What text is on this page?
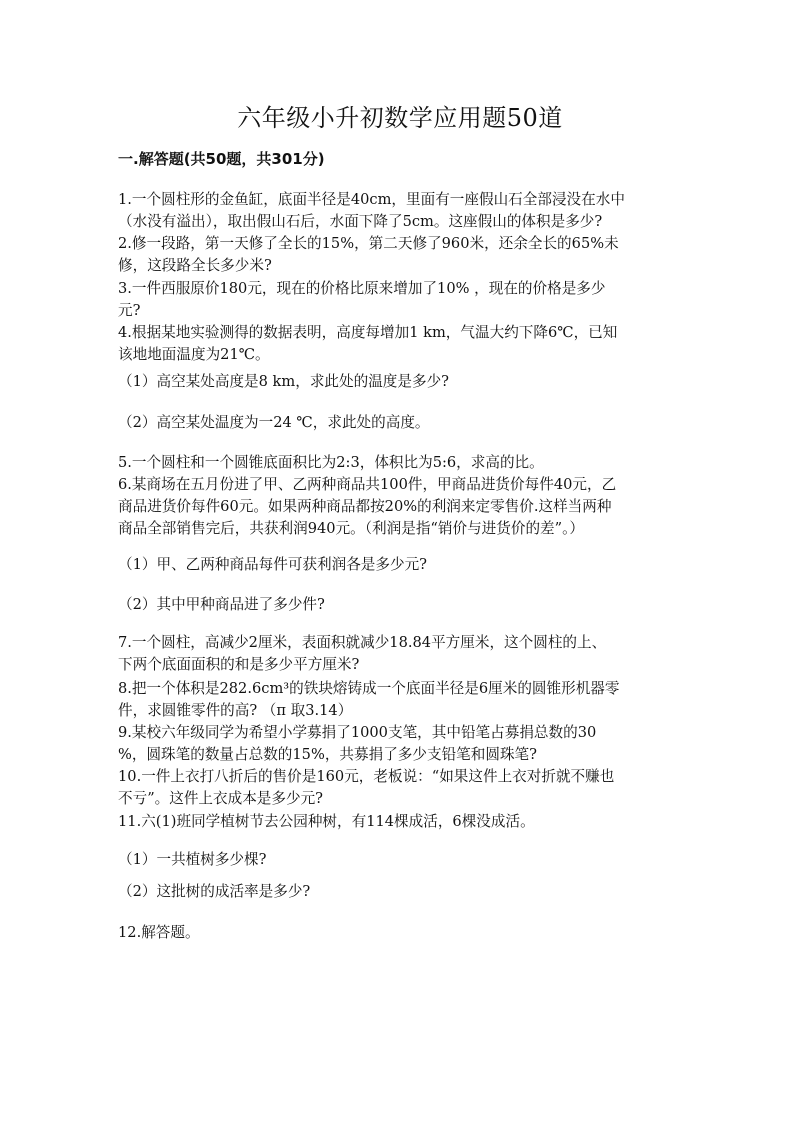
六年级小升初数学应用题50道
一.解答题(共50题，共301分)
1.一个圆柱形的金鱼缸，底面半径是40cm，里面有一座假山石全部浸没在水中
（水没有溢出），取出假山石后，水面下降了5cm。这座假山的体积是多少?
2.修一段路，第一天修了全长的15%，第二天修了960米，还余全长的65%未
修，这段路全长多少米?
3.一件西服原价180元，现在的价格比原来增加了10% ，现在的价格是多少
元?
4.根据某地实验测得的数据表明，高度每增加1 km，气温大约下降6℃，已知
该地地面温度为21℃。
（1）高空某处高度是8 km，求此处的温度是多少?
（2）高空某处温度为一24 ℃，求此处的高度。
5.一个圆柱和一个圆锥底面积比为2:3，体积比为5:6，求高的比。
6.某商场在五月份进了甲、乙两种商品共100件，甲商品进货价每件40元，乙
商品进货价每件60元。如果两种商品都按20%的利润来定零售价.这样当两种
商品全部销售完后，共获利润940元。（利润是指“销价与进货价的差”。）
（1）甲、乙两种商品每件可获利润各是多少元?
（2）其中甲种商品进了多少件?
7.一个圆柱，高减少2厘米，表面积就减少18.84平方厘米，这个圆柱的上、
下两个底面面积的和是多少平方厘米?
8.把一个体积是282.6cm³的铁块熔铸成一个底面半径是6厘米的圆锥形机器零
件，求圆锥零件的高? （π 取3.14）
9.某校六年级同学为希望小学募捐了1000支笔，其中铅笔占募捐总数的30
%，圆珠笔的数量占总数的15%，共募捐了多少支铅笔和圆珠笔?
10.一件上衣打八折后的售价是160元，老板说：“如果这件上衣对折就不赚也
不亏”。这件上衣成本是多少元?
11.六(1)班同学植树节去公园种树，有114棵成活，6棵没成活。
（1）一共植树多少棵?
（2）这批树的成活率是多少?
12.解答题。
